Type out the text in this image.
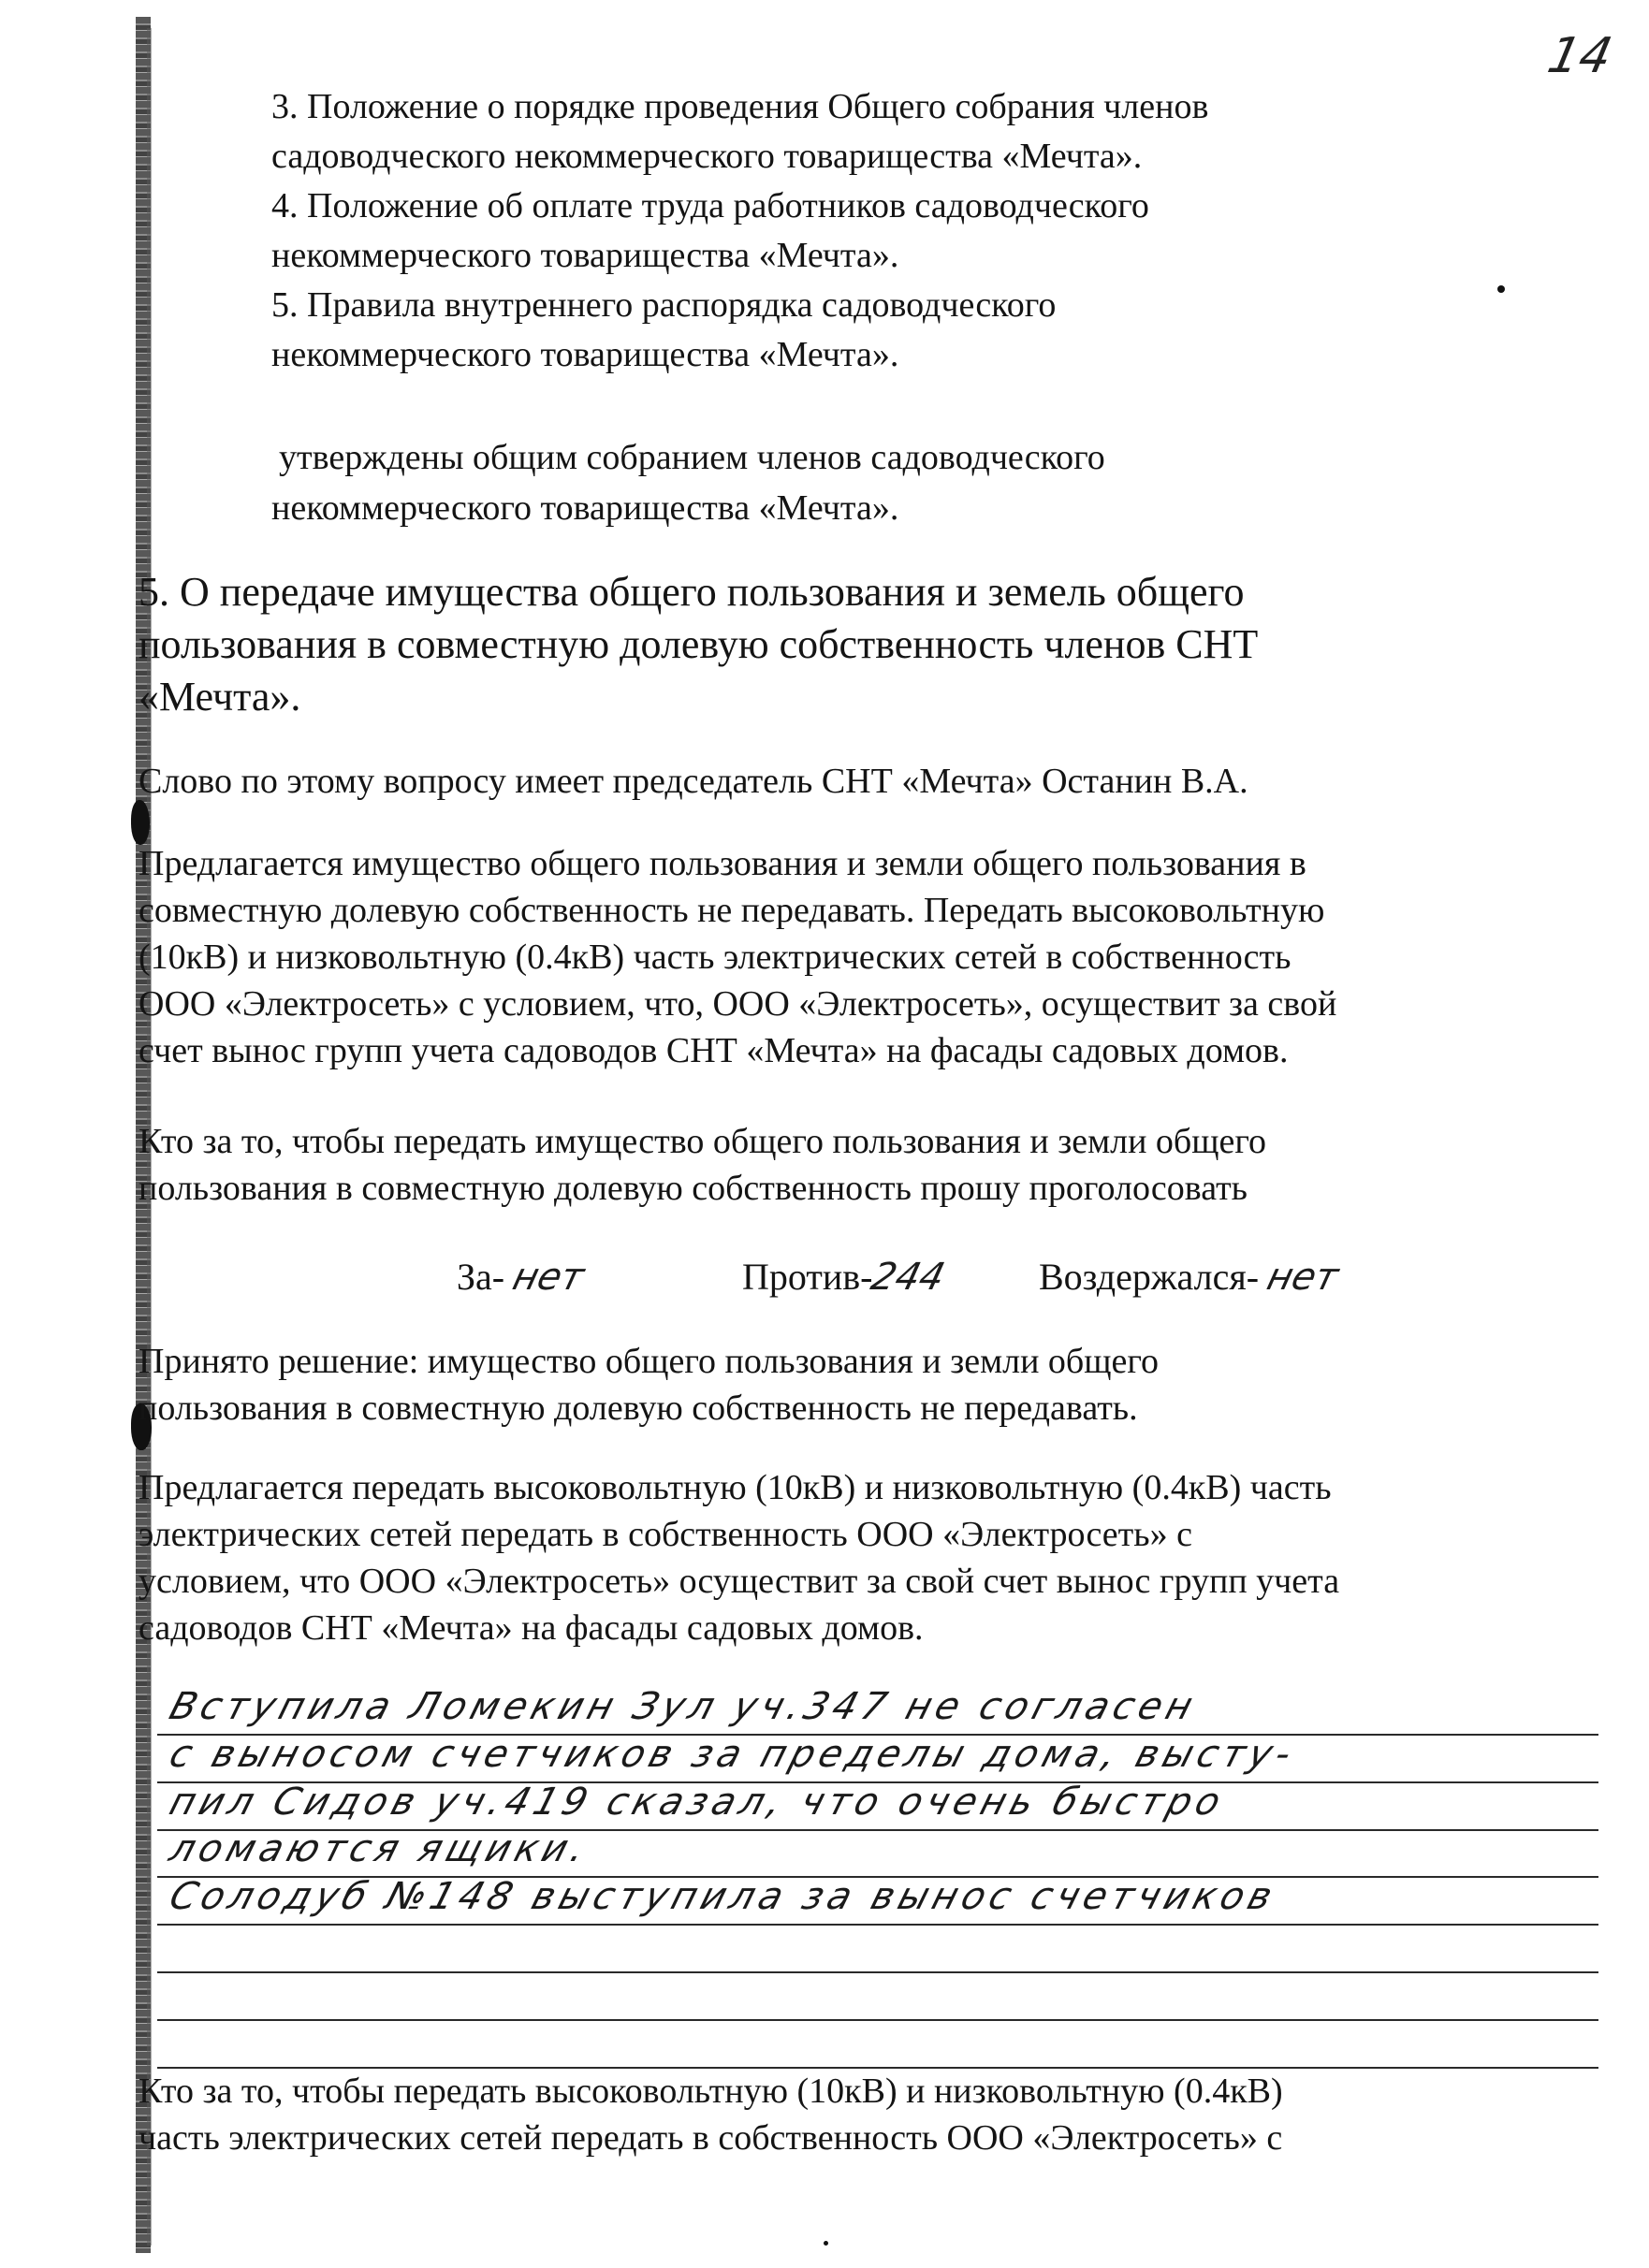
14

3. Положение о порядке проведения Общего собрания членов

садоводческого некоммерческого товарищества «Мечта».

4. Положение об оплате труда работников садоводческого

некоммерческого товарищества «Мечта».

5. Правила внутреннего распорядка садоводческого

некоммерческого товарищества «Мечта».

утверждены общим собранием членов садоводческого

некоммерческого товарищества «Мечта».

5. О передаче имущества общего пользования и земель общего

пользования в совместную долевую собственность членов СНТ

«Мечта».

Слово по этому вопросу имеет председатель СНТ «Мечта» Останин В.А.

Предлагается имущество общего пользования и земли общего пользования в

совместную долевую собственность не передавать. Передать высоковольтную

(10кВ) и низковольтную (0.4кВ) часть электрических сетей в собственность

ООО «Электросеть» с условием, что, ООО «Электросеть», осуществит за свой

счет вынос групп учета садоводов СНТ «Мечта» на фасады садовых домов.

Кто за то, чтобы передать имущество общего пользования и земли общего

пользования в совместную долевую собственность прошу проголосовать

За- нет	Против-244 Воздержался- нет

Принято решение: имущество общего пользования и земли общего

пользования в совместную долевую собственность не передавать.

Предлагается передать высоковольтную (10кВ) и низковольтную (0.4кВ) часть

электрических сетей передать в собственность ООО «Электросеть» с

условием, что ООО «Электросеть» осуществит за свой счет вынос групп учета

садоводов СНТ «Мечта» на фасады садовых домов.

Вступила Ломекин Зул уч.347 не согласен
с выносом счетчиков за пределы дома, высту-
пил Сидов уч.419 сказал, что очень быстро
ломаются ящики.
Солодуб №148 выступила за вынос счетчиков

Кто за то, чтобы передать высоковольтную (10кВ) и низковольтную (0.4кВ)

часть электрических сетей передать в собственность ООО «Электросеть» с
